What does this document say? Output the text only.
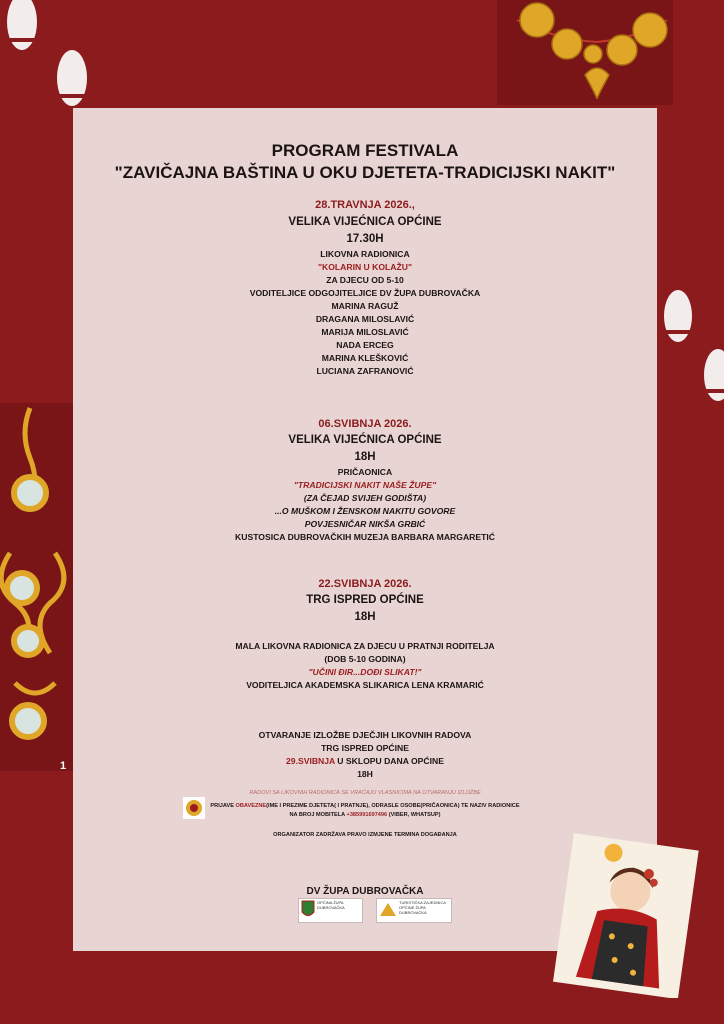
1
PROGRAM FESTIVALA
"ZAVIČAJNA BAŠTINA U OKU DJETETA-TRADICIJSKI NAKIT"
28.TRAVNJA 2026.,
VELIKA VIJEĆNICA OPĆINE
17.30H
LIKOVNA RADIONICA
"KOLARIN U KOLAŽU"
ZA DJECU OD 5-10
VODITELJICE ODGOJITELJICE DV ŽUPA DUBROVAČKA
MARINA RAGUŽ
DRAGANA MILOSLAVIĆ
MARIJA MILOSLAVIĆ
NADA ERCEG
MARINA KLEŠKOVIĆ
LUCIANA ZAFRANOVIĆ
06.SVIBNJA 2026.
VELIKA VIJEĆNICA OPĆINE
18H
PRIČAONICA
"TRADICIJSKI NAKIT NAŠE ŽUPE"
(ZA ČEJAD SVIJEH GODIŠTA)
...O MUŠKOM I ŽENSKOM NAKITU GOVORE
POVJESNIČAR NIKŠA GRBIĆ
KUSTOSICA DUBROVAČKIH MUZEJA BARBARA MARGARETIĆ
22.SVIBNJA 2026.
TRG ISPRED OPĆINE
18H
MALA LIKOVNA RADIONICA ZA DJECU U PRATNJI RODITELJA
(DOB 5-10 GODINA)
"UČINI ĐIR...DOĐI SLIKAT!"
VODITELJICA AKADEMSKA SLIKARICA LENA KRAMARIĆ
OTVARANJE IZLOŽBE DJEČJIH LIKOVNIH RADOVA
TRG ISPRED OPĆINE
29.SVIBNJA U SKLOPU DANA OPĆINE
18H
RADOVI SA LIKOVNIH RADIONICA SE VRAĆAJU VLASNICIMA NA OTVARANJU IZLOŽBE
PRIJAVE OBAVEZNE(IME I PREZIME DJETETA( I PRATNJE), ODRASLE OSOBE(PRIČAONICA) TE NAZIV RADIONICE
NA BROJ MOBITELA +385991697496 (VIBER, WHATSUP)
ORGANIZATOR ZADRŽAVA PRAVO IZMJENE TERMINA DOGAĐANJA
DV ŽUPA DUBROVAČKA
OPĆINA ŽUPA DUBROVAČKA
TURISTIČKA ZAJEDNICA OPĆINE ŽUPA DUBROVAČKA
